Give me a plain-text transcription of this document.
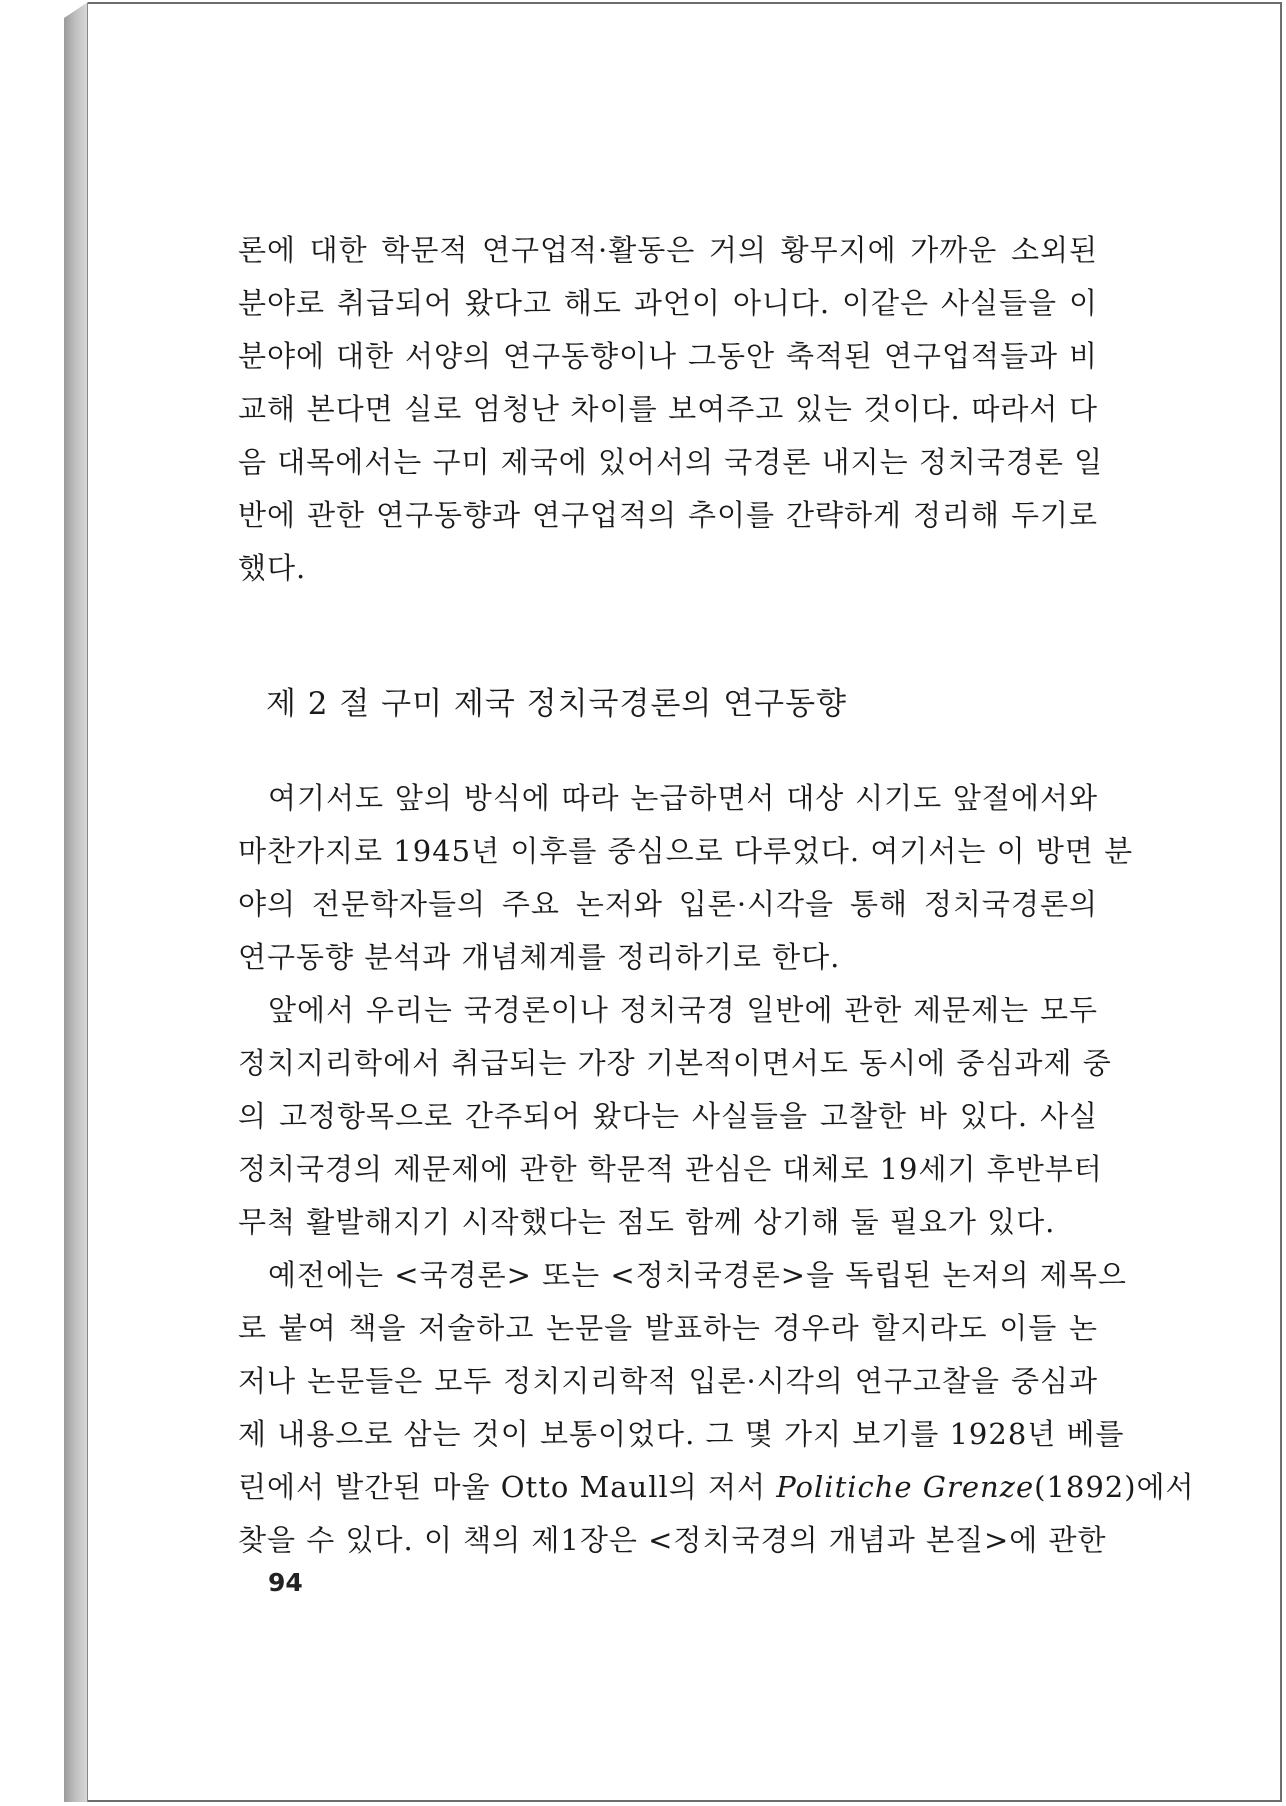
론에 대한 학문적 연구업적·활동은 거의 황무지에 가까운 소외된
분야로 취급되어 왔다고 해도 과언이 아니다. 이같은 사실들을 이
분야에 대한 서양의 연구동향이나 그동안 축적된 연구업적들과 비
교해 본다면 실로 엄청난 차이를 보여주고 있는 것이다. 따라서 다
음 대목에서는 구미 제국에 있어서의 국경론 내지는 정치국경론 일
반에 관한 연구동향과 연구업적의 추이를 간략하게 정리해 두기로
했다.
제 2 절 구미 제국 정치국경론의 연구동향
여기서도 앞의 방식에 따라 논급하면서 대상 시기도 앞절에서와
마찬가지로 1945년 이후를 중심으로 다루었다. 여기서는 이 방면 분
야의 전문학자들의 주요 논저와 입론·시각을 통해 정치국경론의
연구동향 분석과 개념체계를 정리하기로 한다.
앞에서 우리는 국경론이나 정치국경 일반에 관한 제문제는 모두
정치지리학에서 취급되는 가장 기본적이면서도 동시에 중심과제 중
의 고정항목으로 간주되어 왔다는 사실들을 고찰한 바 있다. 사실
정치국경의 제문제에 관한 학문적 관심은 대체로 19세기 후반부터
무척 활발해지기 시작했다는 점도 함께 상기해 둘 필요가 있다.
예전에는 <국경론> 또는 <정치국경론>을 독립된 논저의 제목으
로 붙여 책을 저술하고 논문을 발표하는 경우라 할지라도 이들 논
저나 논문들은 모두 정치지리학적 입론·시각의 연구고찰을 중심과
제 내용으로 삼는 것이 보통이었다. 그 몇 가지 보기를 1928년 베를
린에서 발간된 마울 Otto Maull의 저서 Politiche Grenze(1892)에서
찾을 수 있다. 이 책의 제1장은 <정치국경의 개념과 본질>에 관한
94
